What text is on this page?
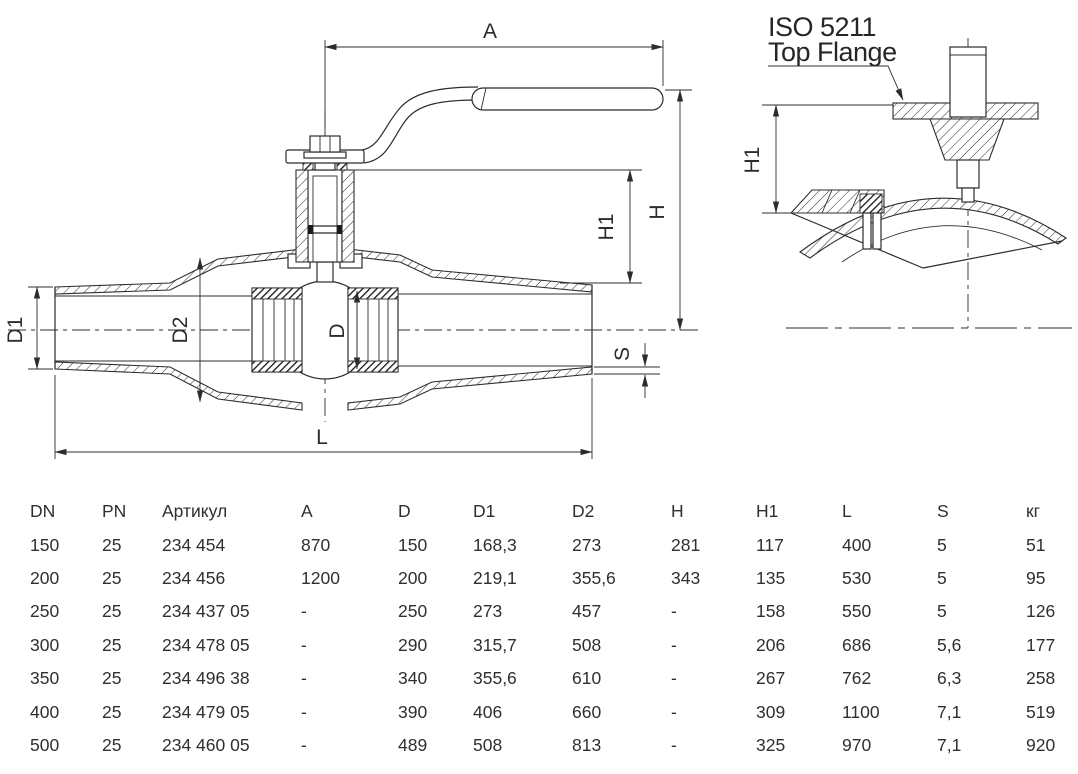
A
H
H1
S
D
D1	D2
L
ISO 5211
Top Flange
H1
DN	PN	Артикул	A	D	D1	D2	H	H1	L	S	кг
150	25	234 454	870	150	168,3	273	281	117	400	5	51
200	25	234 456	1200	200	219,1	355,6	343	135	530	5	95
250	25	234 437 05	-	250	273	457	-	158	550	5	126
300	25	234 478 05	-	290	315,7	508	-	206	686	5,6	177
350	25	234 496 38	-	340	355,6	610	-	267	762	6,3	258
400	25	234 479 05	-	390	406	660	-	309	1100	7,1	519
500	25	234 460 05	-	489	508	813	-	325	970	7,1	920
